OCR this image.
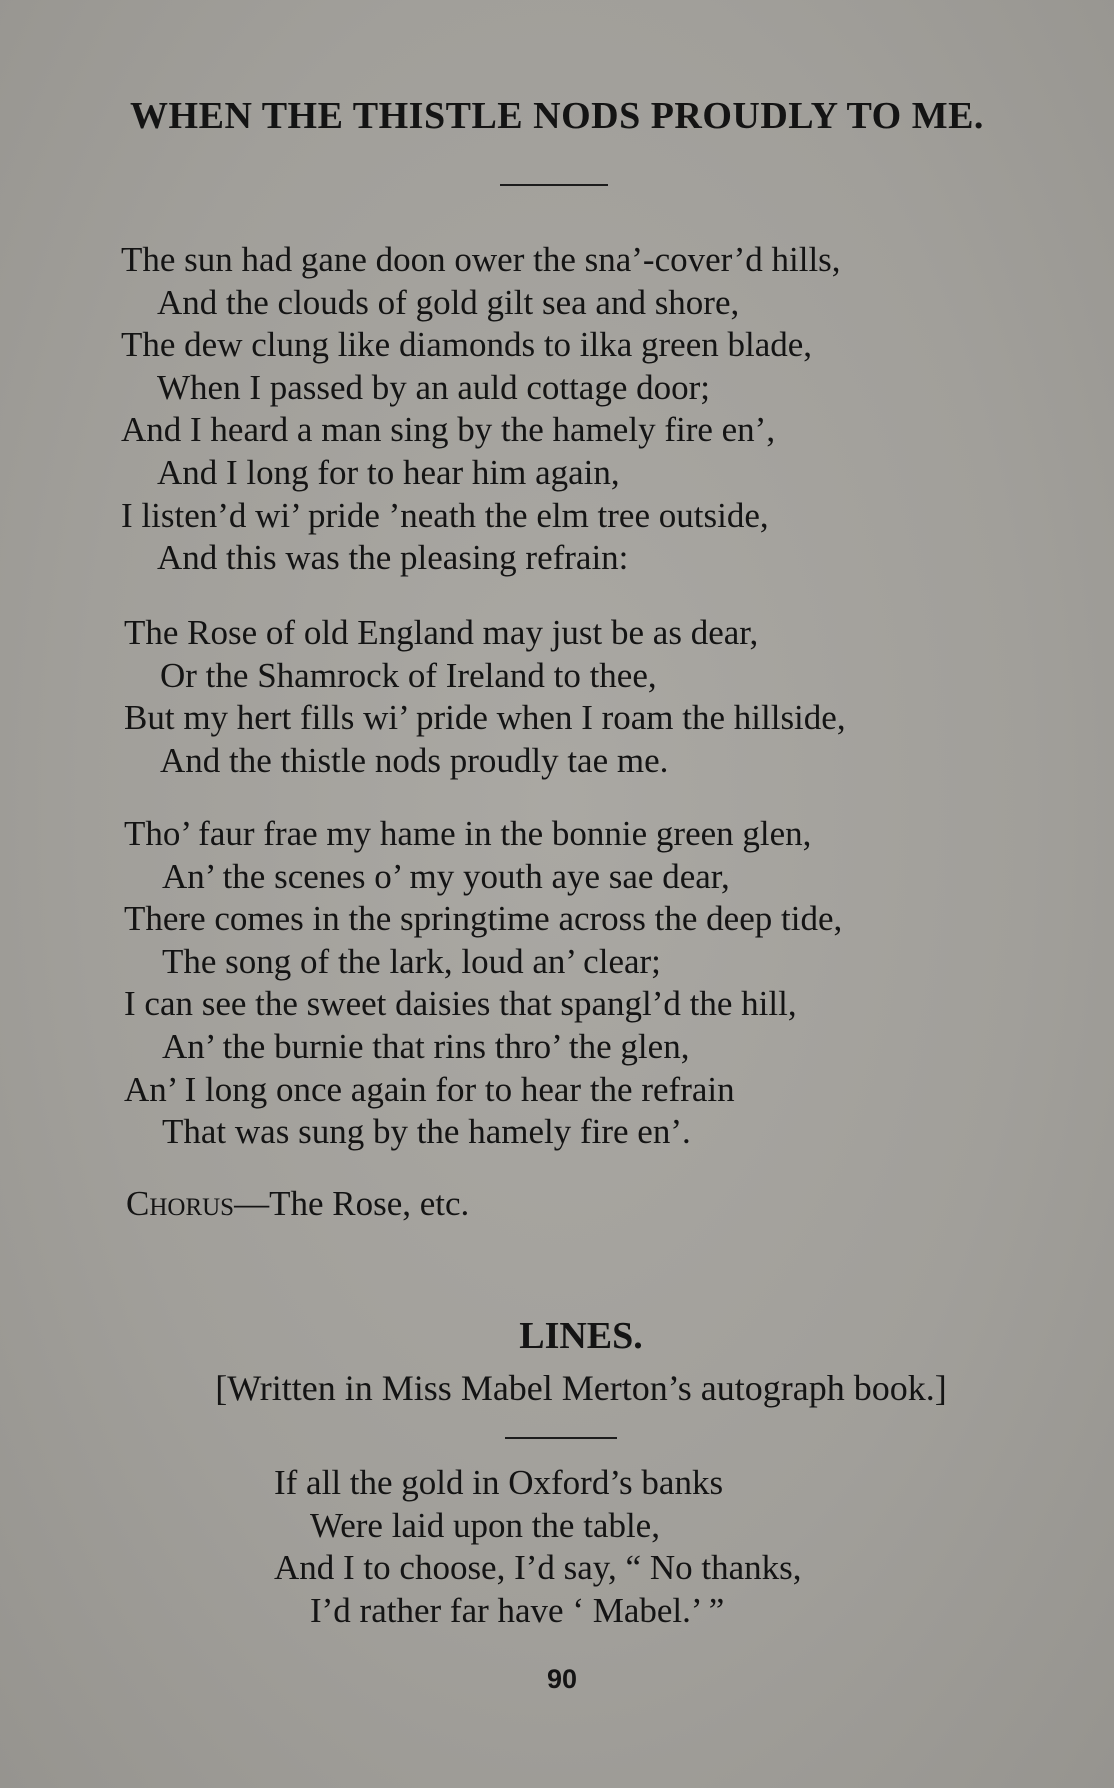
WHEN THE THISTLE NODS PROUDLY TO ME.
The sun had gane doon ower the sna’-cover’d hills,
And the clouds of gold gilt sea and shore,
The dew clung like diamonds to ilka green blade,
When I passed by an auld cottage door;
And I heard a man sing by the hamely fire en’,
And I long for to hear him again,
I listen’d wi’ pride ’neath the elm tree outside,
And this was the pleasing refrain:
The Rose of old England may just be as dear,
Or the Shamrock of Ireland to thee,
But my hert fills wi’ pride when I roam the hillside,
And the thistle nods proudly tae me.
Tho’ faur frae my hame in the bonnie green glen,
An’ the scenes o’ my youth aye sae dear,
There comes in the springtime across the deep tide,
The song of the lark, loud an’ clear;
I can see the sweet daisies that spangl’d the hill,
An’ the burnie that rins thro’ the glen,
An’ I long once again for to hear the refrain
That was sung by the hamely fire en’.
Chorus—The Rose, etc.
LINES.
[Written in Miss Mabel Merton’s autograph book.]
If all the gold in Oxford’s banks
Were laid upon the table,
And I to choose, I’d say, “ No thanks,
I’d rather far have ‘ Mabel.’ ”
90
